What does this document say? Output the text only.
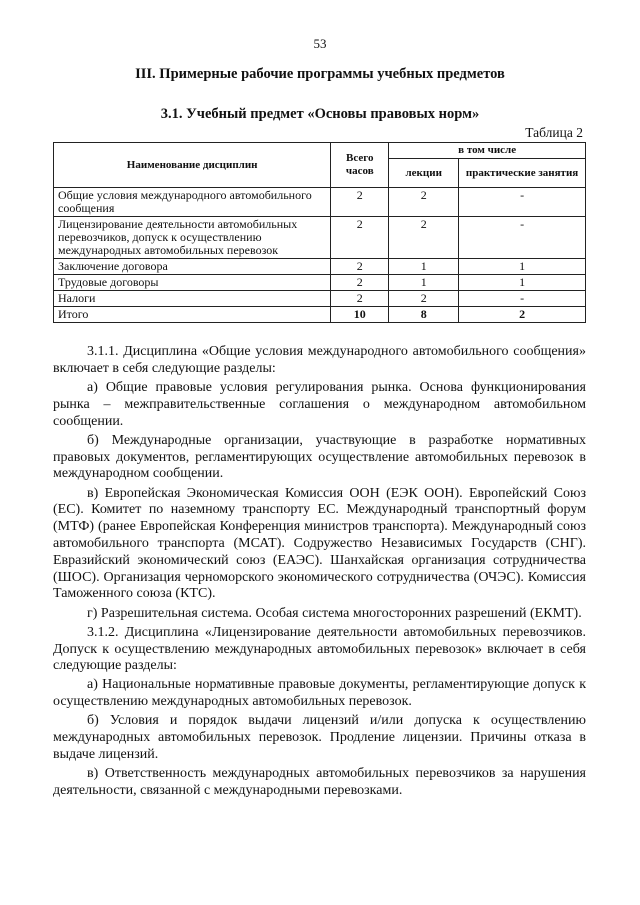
53
III. Примерные рабочие программы учебных предметов
3.1. Учебный предмет «Основы правовых норм»
Таблица 2
Наименование дисциплин	Всего часов	в том числе	
		лекции	практические занятия
Общие условия международного автомобильного сообщения	2	2	-
Лицензирование деятельности автомобильных перевозчиков, допуск к осуществлению международных автомобильных перевозок	2	2	-
Заключение договора	2	1	1
Трудовые договоры	2	1	1
Налоги	2	2	-
Итого	10	8	2

3.1.1. Дисциплина «Общие условия международного автомобильного сообщения» включает в себя следующие разделы:

а) Общие правовые условия регулирования рынка. Основа функционирования рынка – межправительственные соглашения о международном автомобильном сообщении.

б) Международные организации, участвующие в разработке нормативных правовых документов, регламентирующих осуществление автомобильных перевозок в международном сообщении.

в) Европейская Экономическая Комиссия ООН (ЕЭК ООН). Европейский Союз (ЕС). Комитет по наземному транспорту ЕС. Международный транспортный форум (МТФ) (ранее Европейская Конференция министров транспорта). Международный союз автомобильного транспорта (МСАТ). Содружество Независимых Государств (СНГ). Евразийский экономический союз (ЕАЭС). Шанхайская организация сотрудничества (ШОС). Организация черноморского экономического сотрудничества (ОЧЭС). Комиссия Таможенного союза (КТС).

г) Разрешительная система. Особая система многосторонних разрешений (ЕКМТ).

3.1.2. Дисциплина «Лицензирование деятельности автомобильных перевозчиков. Допуск к осуществлению международных автомобильных перевозок» включает в себя следующие разделы:

а) Национальные нормативные правовые документы, регламентирующие допуск к осуществлению международных автомобильных перевозок.

б) Условия и порядок выдачи лицензий и/или допуска к осуществлению международных автомобильных перевозок. Продление лицензии. Причины отказа в выдаче лицензий.

в) Ответственность международных автомобильных перевозчиков за нарушения деятельности, связанной с международными перевозками.
